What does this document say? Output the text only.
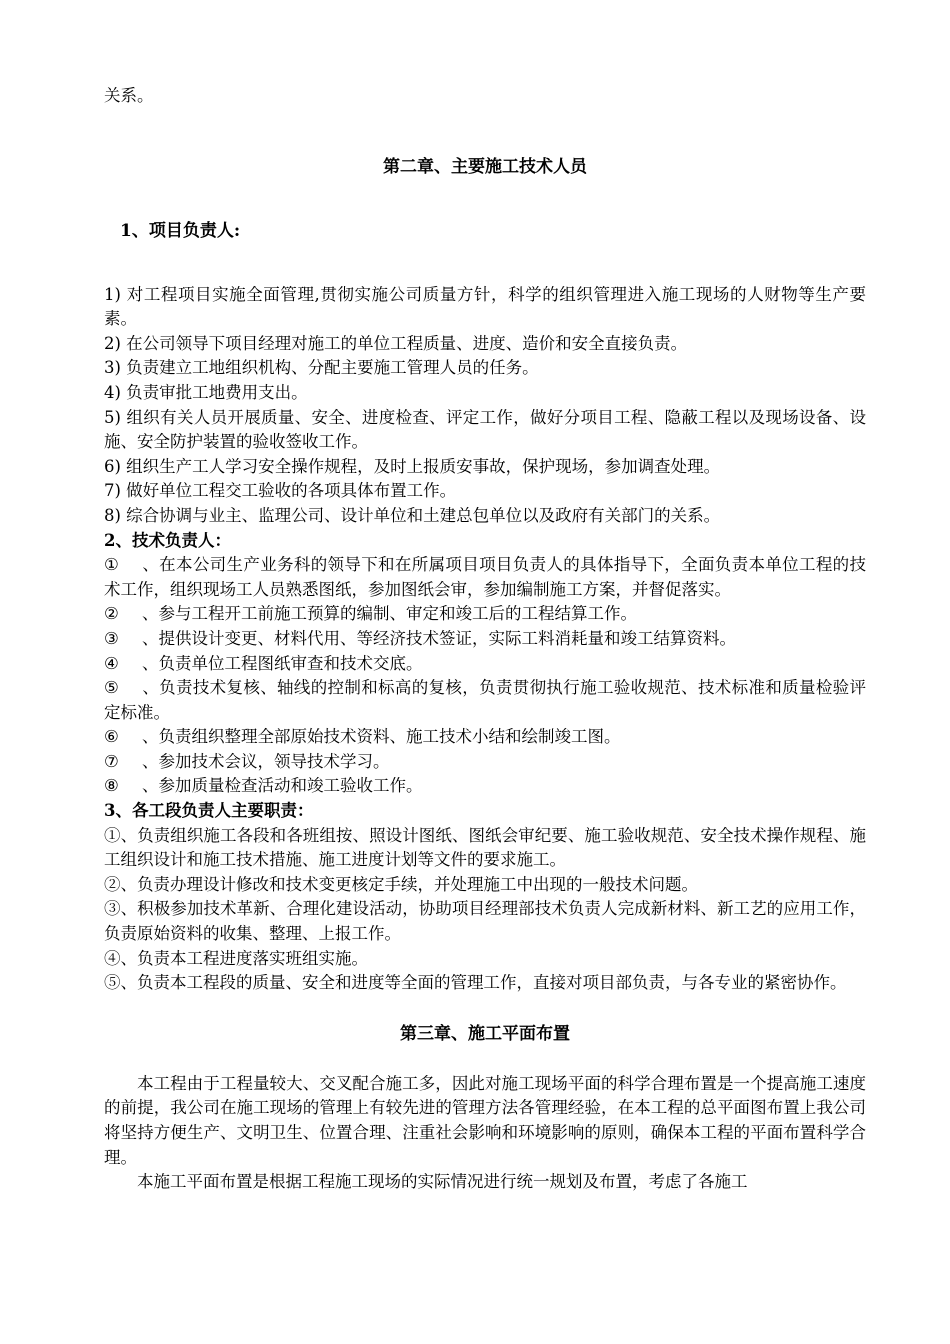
关系。
第二章、主要施工技术人员
1、项目负责人:
1) 对工程项目实施全面管理,贯彻实施公司质量方针，科学的组织管理进入施工现场的人财物等生产要素。
2) 在公司领导下项目经理对施工的单位工程质量、进度、造价和安全直接负责。
3) 负责建立工地组织机构、分配主要施工管理人员的任务。
4) 负责审批工地费用支出。
5) 组织有关人员开展质量、安全、进度检查、评定工作，做好分项目工程、隐蔽工程以及现场设备、设施、安全防护装置的验收签收工作。
6) 组织生产工人学习安全操作规程，及时上报质安事故，保护现场，参加调查处理。
7) 做好单位工程交工验收的各项具体布置工作。
8) 综合协调与业主、监理公司、设计单位和土建总包单位以及政府有关部门的关系。
2、技术负责人：
① 、在本公司生产业务科的领导下和在所属项目项目负责人的具体指导下，全面负责本单位工程的技术工作，组织现场工人员熟悉图纸，参加图纸会审，参加编制施工方案，并督促落实。
② 、参与工程开工前施工预算的编制、审定和竣工后的工程结算工作。
③ 、提供设计变更、材料代用、等经济技术签证，实际工料消耗量和竣工结算资料。
④ 、负责单位工程图纸审查和技术交底。
⑤ 、负责技术复核、轴线的控制和标高的复核，负责贯彻执行施工验收规范、技术标准和质量检验评定标准。
⑥ 、负责组织整理全部原始技术资料、施工技术小结和绘制竣工图。
⑦ 、参加技术会议，领导技术学习。
⑧ 、参加质量检查活动和竣工验收工作。
3、各工段负责人主要职责：
①、负责组织施工各段和各班组按、照设计图纸、图纸会审纪要、施工验收规范、安全技术操作规程、施工组织设计和施工技术措施、施工进度计划等文件的要求施工。
②、负责办理设计修改和技术变更核定手续，并处理施工中出现的一般技术问题。
③、积极参加技术革新、合理化建设活动，协助项目经理部技术负责人完成新材料、新工艺的应用工作，负责原始资料的收集、整理、上报工作。
④、负责本工程进度落实班组实施。
⑤、负责本工程段的质量、安全和进度等全面的管理工作，直接对项目部负责，与各专业的紧密协作。
第三章、施工平面布置
本工程由于工程量较大、交叉配合施工多，因此对施工现场平面的科学合理布置是一个提高施工速度的前提，我公司在施工现场的管理上有较先进的管理方法各管理经验，在本工程的总平面图布置上我公司将坚持方便生产、文明卫生、位置合理、注重社会影响和环境影响的原则，确保本工程的平面布置科学合理。
本施工平面布置是根据工程施工现场的实际情况进行统一规划及布置，考虑了各施工
